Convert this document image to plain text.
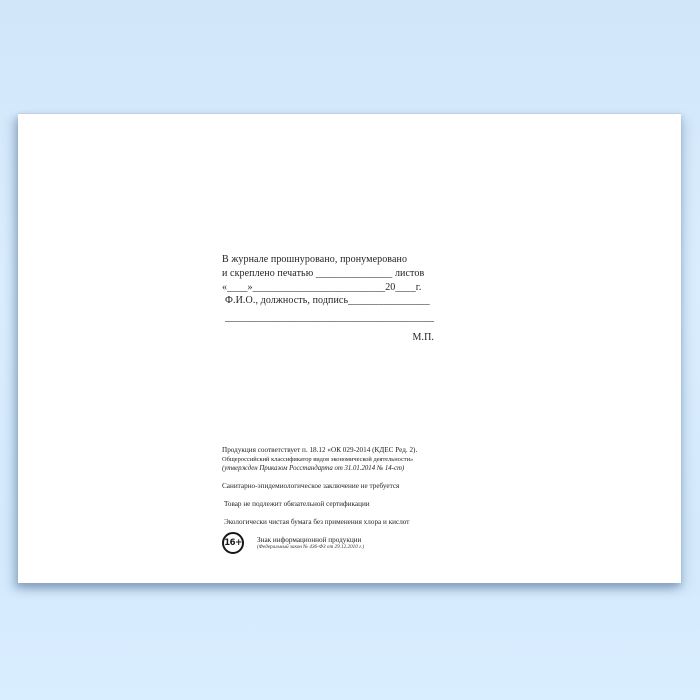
В журнале прошнуровано, пронумеровано
и скреплено печатью _______________ листов
«____»__________________________20____г.
Ф.И.О., должность, подпись________________
_________________________________________
М.П.
Продукция соответствует п. 18.12 «ОК 029-2014 (КДЕС Ред. 2).
Общероссийский классификатор видов экономической деятельности»
(утвержден Приказом Росстандарта от 31.01.2014 № 14-ст)
Санитарно-эпидемиологическое заключение не требуется
Товар не подлежит обязательной сертификации
Экологически чистая бумага без применения хлора и кислот
16+	Знак информационной продукции
(Федеральный закон № 436-ФЗ от 29.12.2010 г.)
